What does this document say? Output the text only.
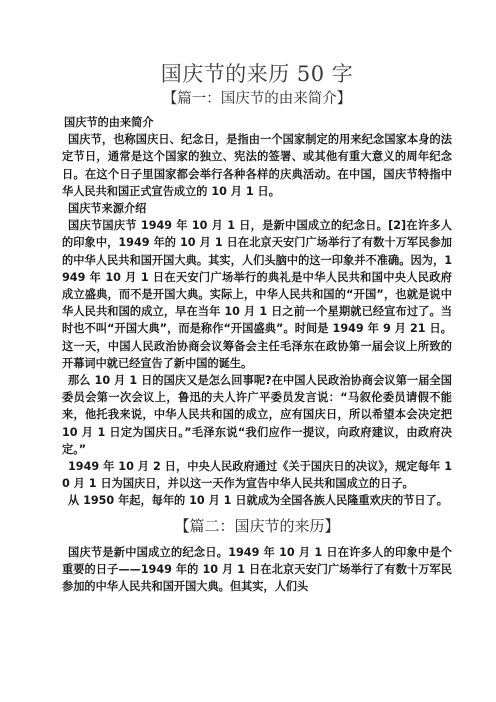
国庆节的来历 50 字
【篇一：国庆节的由来简介】

国庆节的由来简介

国庆节，也称国庆日、纪念日，是指由一个国家制定的用来纪念国家本身的法定节日，通常是这个国家的独立、宪法的签署、或其他有重大意义的周年纪念日。在这个日子里国家都会举行各种各样的庆典活动。在中国，国庆节特指中华人民共和国正式宣告成立的 10 月 1 日。

国庆节来源介绍

国庆节国庆节 1949 年 10 月 1 日，是新中国成立的纪念日。[2]在许多人的印象中，1949 年的 10 月 1 日在北京天安门广场举行了有数十万军民参加的中华人民共和国开国大典。其实，人们头脑中的这一印象并不准确。因为，1949 年 10 月 1 日在天安门广场举行的典礼是中华人民共和国中央人民政府成立盛典，而不是开国大典。实际上，中华人民共和国的“开国”，也就是说中华人民共和国的成立，早在当年 10 月 1 日之前一个星期就已经宣布过了。当时也不叫“开国大典”，而是称作“开国盛典”。时间是 1949 年 9 月 21 日。这一天，中国人民政治协商会议筹备会主任毛泽东在政协第一届会议上所致的开幕词中就已经宣告了新中国的诞生。

那么 10 月 1 日的国庆又是怎么回事呢?在中国人民政治协商会议第一届全国委员会第一次会议上，鲁迅的夫人许广平委员发言说：“马叙伦委员请假不能来，他托我来说，中华人民共和国的成立，应有国庆日，所以希望本会决定把 10 月 1 日定为国庆日。”毛泽东说“我们应作一提议，向政府建议，由政府决定。”

1949 年 10 月 2 日，中央人民政府通过《关于国庆日的决议》，规定每年 10 月 1 日为国庆日，并以这一天作为宣告中华人民共和国成立的日子。

从 1950 年起，每年的 10 月 1 日就成为全国各族人民隆重欢庆的节日了。

【篇二：国庆节的来历】

国庆节是新中国成立的纪念日。1949 年 10 月 1 日在许多人的印象中是个重要的日子——1949 年的 10 月 1 日在北京天安门广场举行了有数十万军民参加的中华人民共和国开国大典。但其实，人们头
